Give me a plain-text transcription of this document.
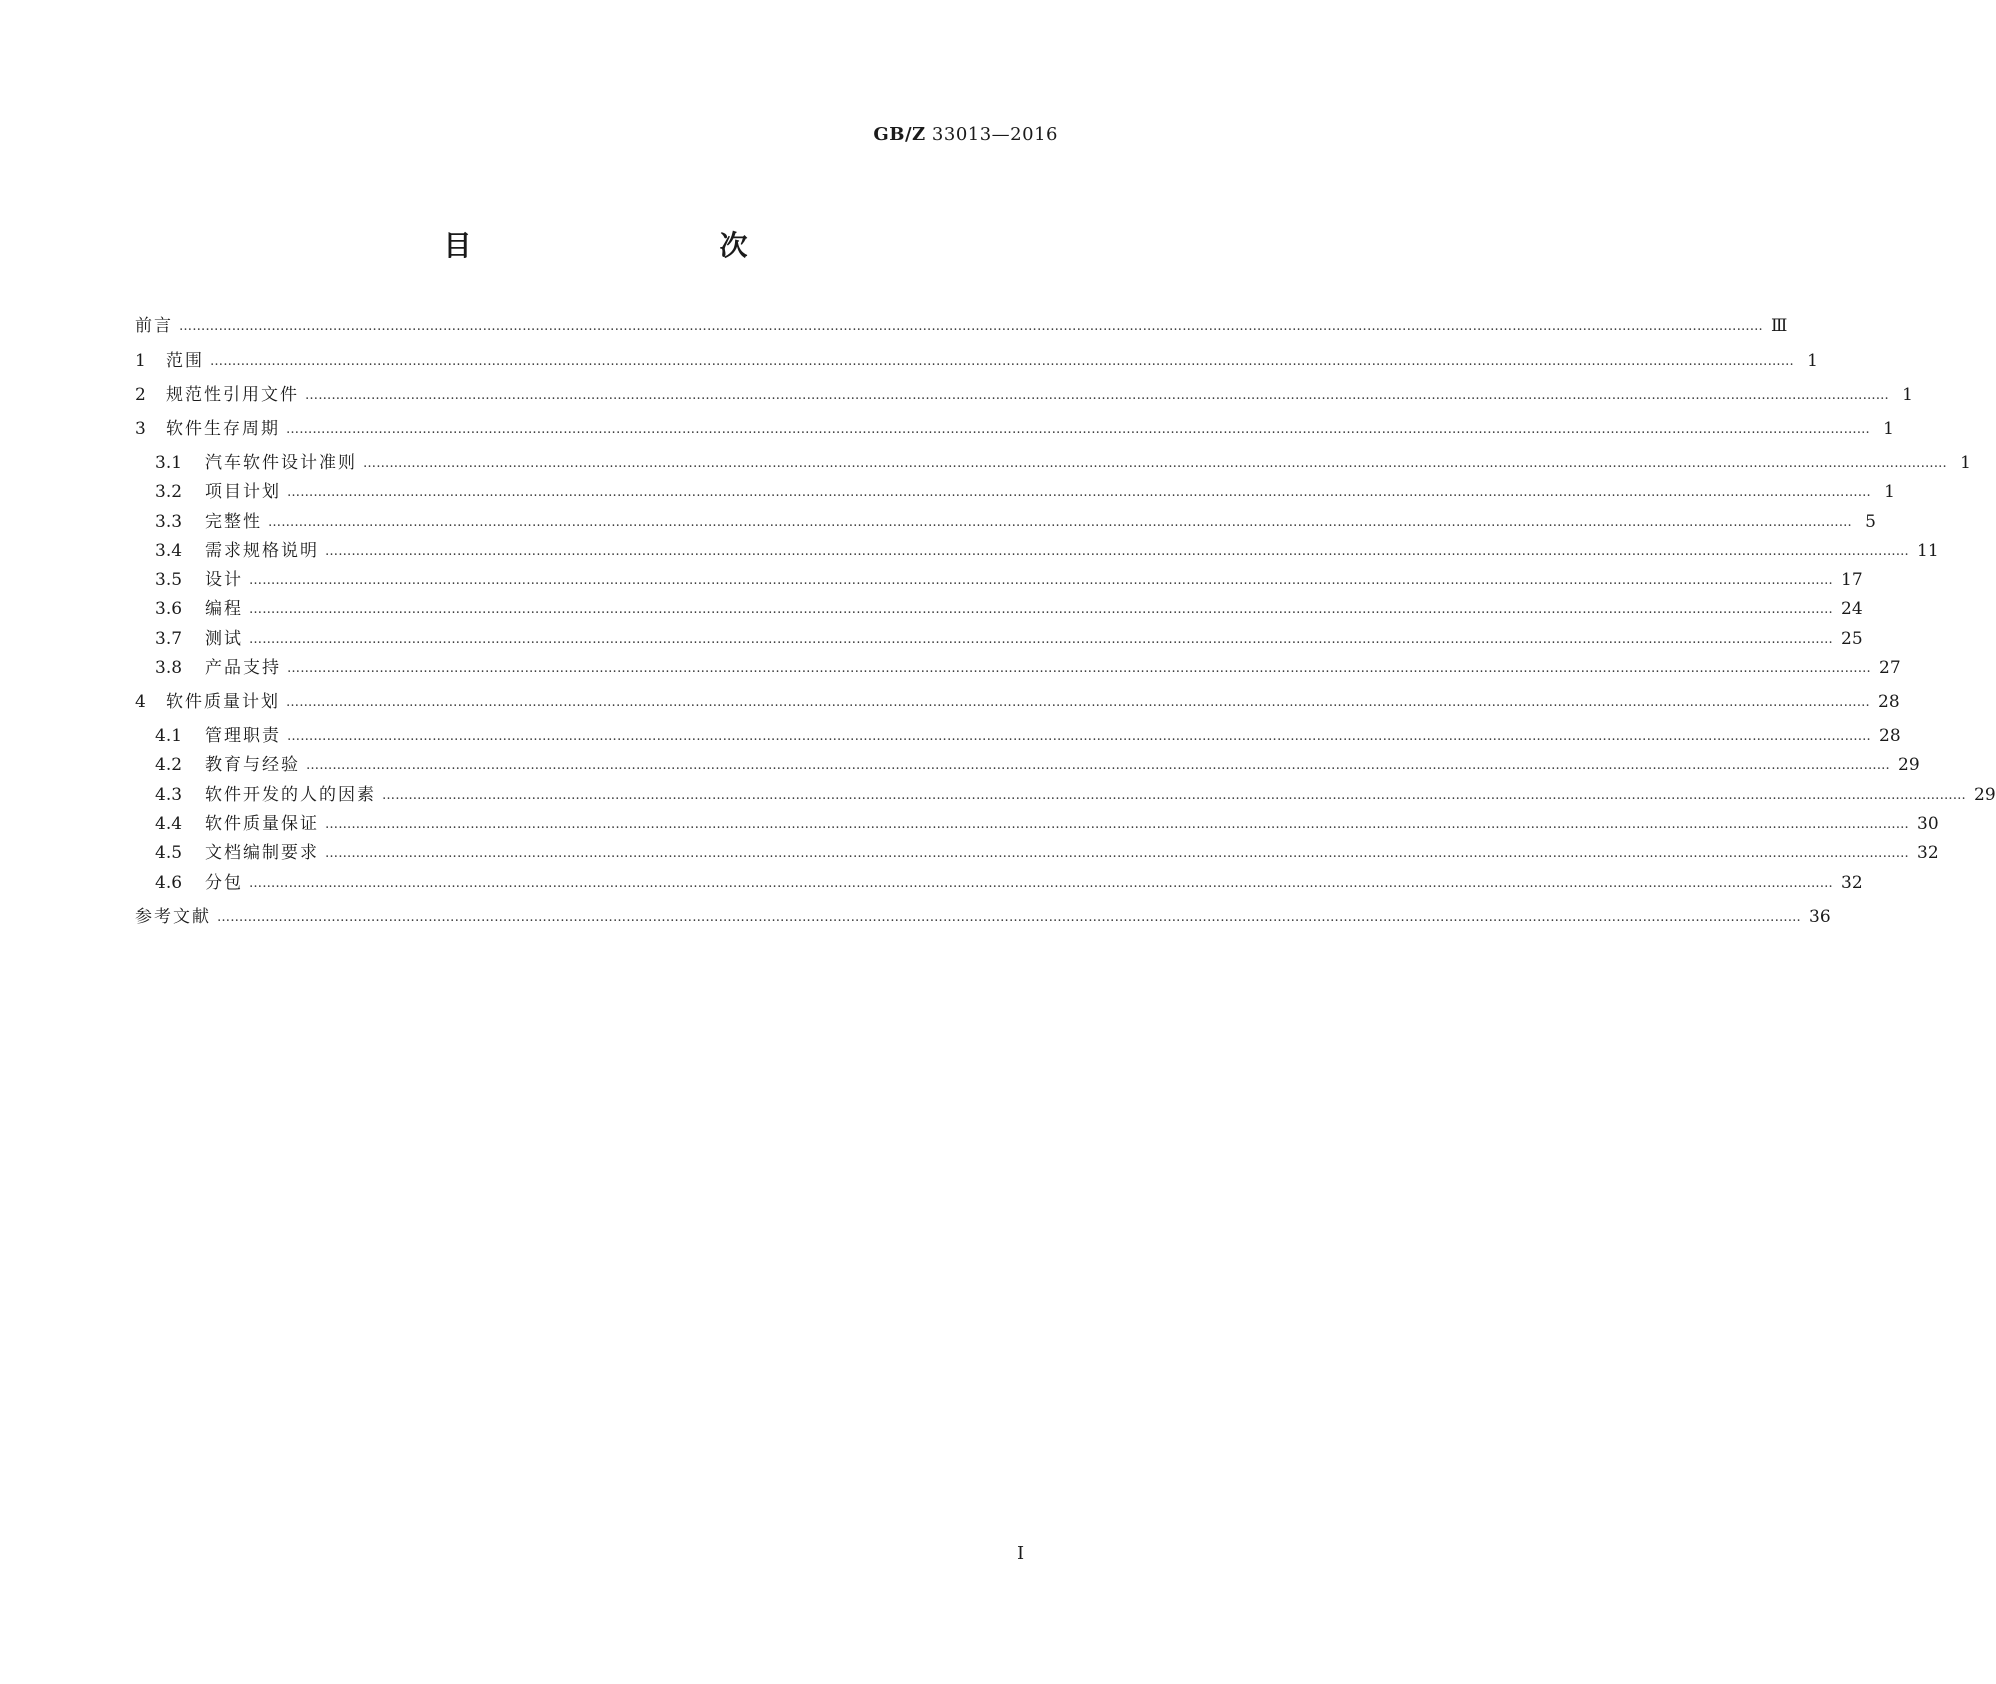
GB/Z 33013—2016
目　　次
前言 ……………………………………………………………………………………………………………………………………………………………………………………………………………………………………………………………………………………………………………………………… Ⅲ
1	范围 ……………………………………………………………………………………………………………………………………………………………………………………………………………………………………………………………………………………………………………………………… 1
2	规范性引用文件 ……………………………………………………………………………………………………………………………………………………………………………………………………………………………………………………………………………………………………………………………… 1
3	软件生存周期 ……………………………………………………………………………………………………………………………………………………………………………………………………………………………………………………………………………………………………………………………… 1
3.1	汽车软件设计准则 ……………………………………………………………………………………………………………………………………………………………………………………………………………………………………………………………………………………………………………………………… 1
3.2	项目计划 ……………………………………………………………………………………………………………………………………………………………………………………………………………………………………………………………………………………………………………………………… 1
3.3	完整性 ……………………………………………………………………………………………………………………………………………………………………………………………………………………………………………………………………………………………………………………………… 5
3.4	需求规格说明 ……………………………………………………………………………………………………………………………………………………………………………………………………………………………………………………………………………………………………………………………… 11
3.5	设计 ……………………………………………………………………………………………………………………………………………………………………………………………………………………………………………………………………………………………………………………………… 17
3.6	编程 ……………………………………………………………………………………………………………………………………………………………………………………………………………………………………………………………………………………………………………………………… 24
3.7	测试 ……………………………………………………………………………………………………………………………………………………………………………………………………………………………………………………………………………………………………………………………… 25
3.8	产品支持 ……………………………………………………………………………………………………………………………………………………………………………………………………………………………………………………………………………………………………………………………… 27
4	软件质量计划 ……………………………………………………………………………………………………………………………………………………………………………………………………………………………………………………………………………………………………………………………… 28
4.1	管理职责 ……………………………………………………………………………………………………………………………………………………………………………………………………………………………………………………………………………………………………………………………… 28
4.2	教育与经验 ……………………………………………………………………………………………………………………………………………………………………………………………………………………………………………………………………………………………………………………………… 29
4.3	软件开发的人的因素 ……………………………………………………………………………………………………………………………………………………………………………………………………………………………………………………………………………………………………………………………… 29
4.4	软件质量保证 ……………………………………………………………………………………………………………………………………………………………………………………………………………………………………………………………………………………………………………………………… 30
4.5	文档编制要求 ……………………………………………………………………………………………………………………………………………………………………………………………………………………………………………………………………………………………………………………………… 32
4.6	分包 ……………………………………………………………………………………………………………………………………………………………………………………………………………………………………………………………………………………………………………………………… 32
参考文献 ……………………………………………………………………………………………………………………………………………………………………………………………………………………………………………………………………………………………………………………………… 36
I
